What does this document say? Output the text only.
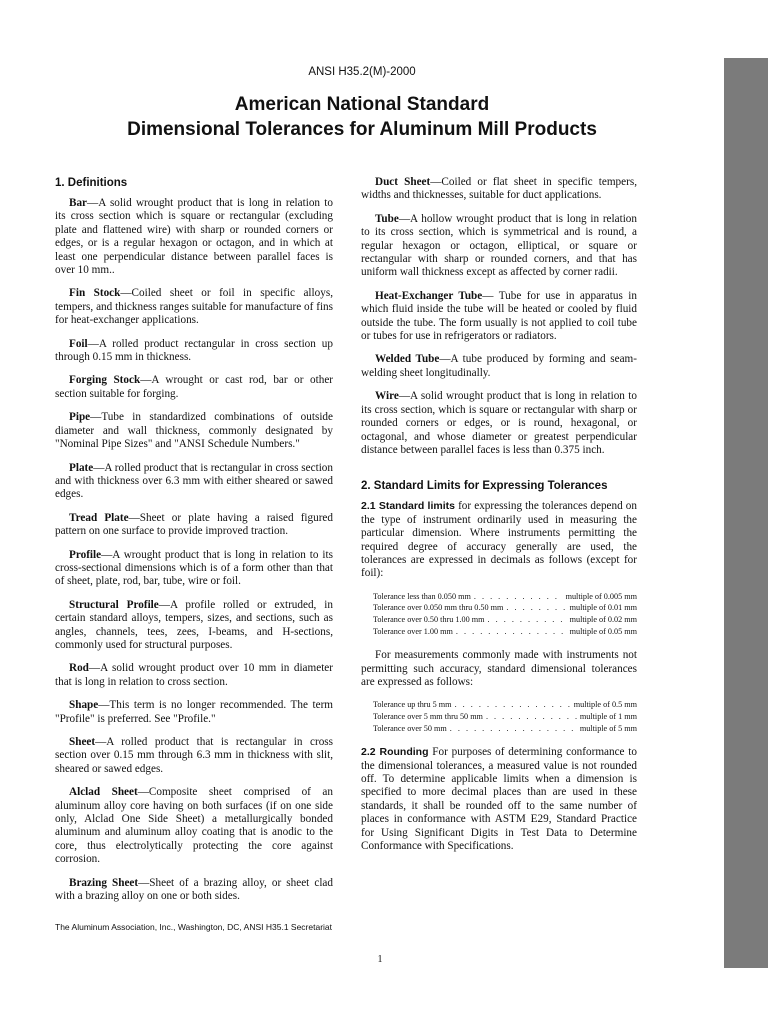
ANSI H35.2(M)-2000
American National Standard
Dimensional Tolerances for Aluminum Mill Products
1. Definitions

Bar—A solid wrought product that is long in relation to its cross section which is square or rectangular (excluding plate and flattened wire) with sharp or rounded corners or edges, or is a regular hexagon or octagon, and in which at least one perpendicular distance between parallel faces is over 10 mm..

Fin Stock—Coiled sheet or foil in specific alloys, tempers, and thickness ranges suitable for manufacture of fins for heat-exchanger applications.

Foil—A rolled product rectangular in cross section up through 0.15 mm in thickness.

Forging Stock—A wrought or cast rod, bar or other section suitable for forging.

Pipe—Tube in standardized combinations of outside diameter and wall thickness, commonly designated by "Nominal Pipe Sizes" and "ANSI Schedule Numbers."

Plate—A rolled product that is rectangular in cross section and with thickness over 6.3 mm with either sheared or sawed edges.

Tread Plate—Sheet or plate having a raised figured pattern on one surface to provide improved traction.

Profile—A wrought product that is long in relation to its cross-sectional dimensions which is of a form other than that of sheet, plate, rod, bar, tube, wire or foil.

Structural Profile—A profile rolled or extruded, in certain standard alloys, tempers, sizes, and sections, such as angles, channels, tees, zees, I-beams, and H-sections, commonly used for structural purposes.

Rod—A solid wrought product over 10 mm in diameter that is long in relation to cross section.

Shape—This term is no longer recommended. The term "Profile" is preferred. See "Profile."

Sheet—A rolled product that is rectangular in cross section over 0.15 mm through 6.3 mm in thickness with slit, sheared or sawed edges.

Alclad Sheet—Composite sheet comprised of an aluminum alloy core having on both surfaces (if on one side only, Alclad One Side Sheet) a metallurgically bonded aluminum and aluminum alloy coating that is anodic to the core, thus electrolytically protecting the core against corrosion.

Brazing Sheet—Sheet of a brazing alloy, or sheet clad with a brazing alloy on one or both sides.

Duct Sheet—Coiled or flat sheet in specific tempers, widths and thicknesses, suitable for duct applications.

Tube—A hollow wrought product that is long in relation to its cross section, which is symmetrical and is round, a regular hexagon or octagon, elliptical, or square or rectangular with sharp or rounded corners, and that has uniform wall thickness except as affected by corner radii.

Heat-Exchanger Tube— Tube for use in apparatus in which fluid inside the tube will be heated or cooled by fluid outside the tube. The form usually is not applied to coil tube or tubes for use in refrigerators or radiators.

Welded Tube—A tube produced by forming and seam-welding sheet longitudinally.

Wire—A solid wrought product that is long in relation to its cross section, which is square or rectangular with sharp or rounded corners or edges, or is round, hexagonal, or octagonal, and whose diameter or greatest perpendicular distance between parallel faces is less than 0.375 inch.

2. Standard Limits for Expressing Tolerances

2.1 Standard limits for expressing the tolerances depend on the type of instrument ordinarily used in measuring the particular dimension. Where instruments permitting the required degree of accuracy generally are used, the tolerances are expressed in decimals as follows (except for foil):

Tolerance less than 0.050 mm . . .	multiple of 0.005 mm
Tolerance over 0.050 mm thru 0.50 mm . . .	multiple of 0.01 mm
Tolerance over 0.50 thru 1.00 mm . . .	multiple of 0.02 mm
Tolerance over 1.00 mm . . .	multiple of 0.05 mm

For measurements commonly made with instruments not permitting such accuracy, standard dimensional tolerances are expressed as follows:

Tolerance up thru 5 mm . . .	multiple of 0.5 mm
Tolerance over 5 mm thru 50 mm . . .	multiple of 1 mm
Tolerance over 50 mm . . .	multiple of 5 mm

2.2 Rounding For purposes of determining conformance to the dimensional tolerances, a measured value is not rounded off. To determine applicable limits when a dimension is specified to more decimal places than are used in these standards, it shall be rounded off to the same number of places in conformance with ASTM E29, Standard Practice for Using Significant Digits in Test Data to Determine Conformance with Specifications.

The Aluminum Association, Inc., Washington, DC, ANSI H35.1 Secretariat
1
